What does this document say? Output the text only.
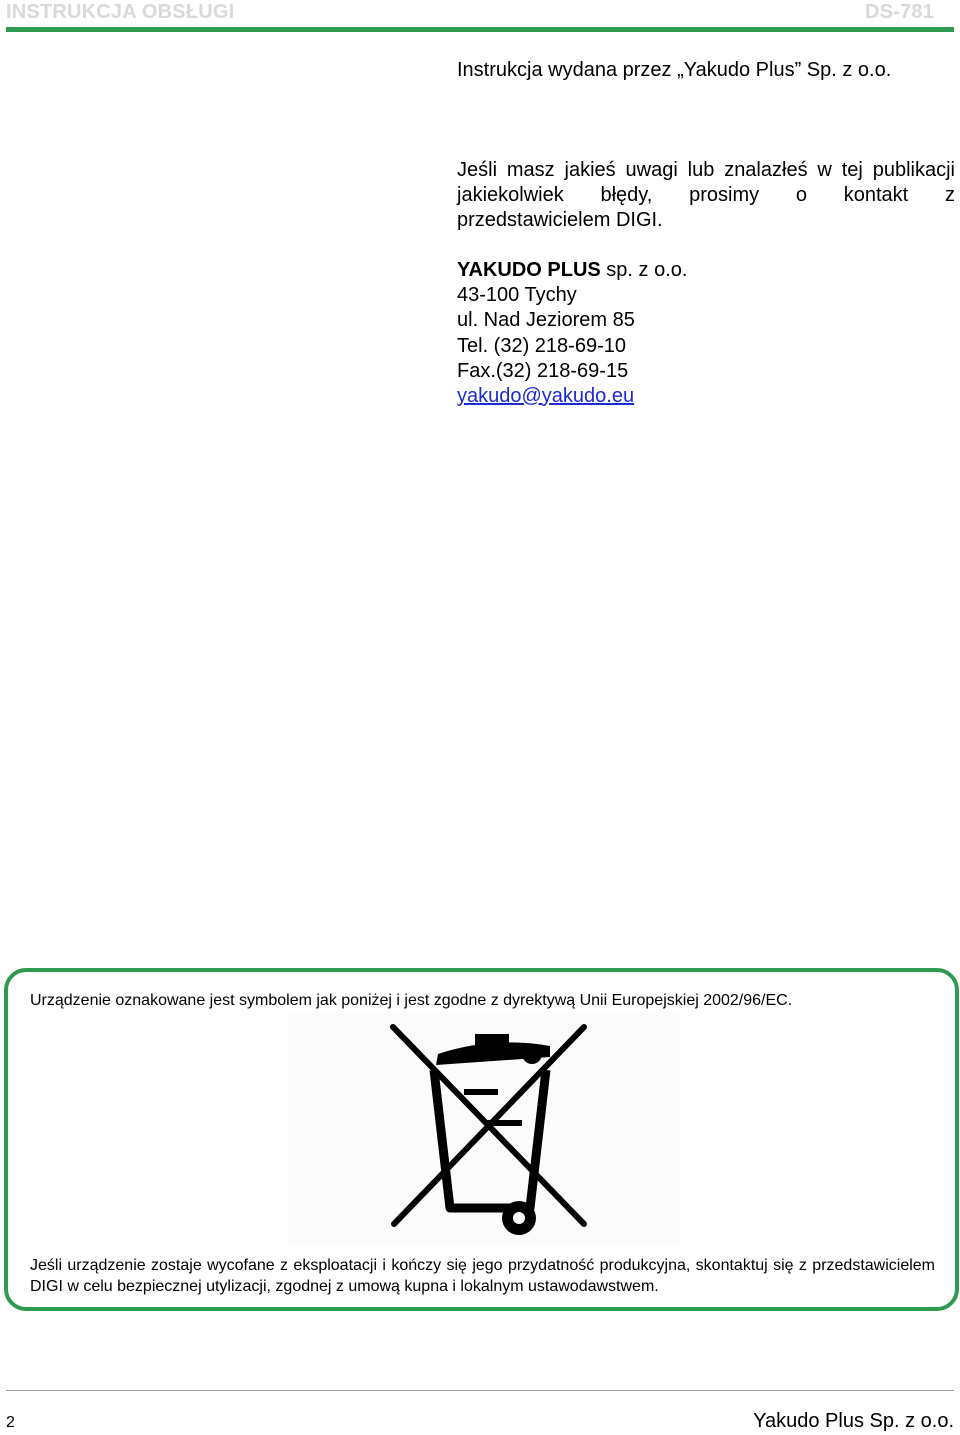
INSTRUKCJA OBSŁUGI	DS-781
Instrukcja wydana przez „Yakudo Plus” Sp. z o.o.
Jeśli masz jakieś uwagi lub znalazłeś w tej publikacji jakiekolwiek błędy, prosimy o kontakt z przedstawicielem DIGI.
YAKUDO PLUS sp. z o.o.
43-100 Tychy
ul. Nad Jeziorem 85
Tel. (32) 218-69-10
Fax.(32) 218-69-15
yakudo@yakudo.eu
Urządzenie oznakowane jest symbolem jak poniżej i jest zgodne z dyrektywą Unii Europejskiej 2002/96/EC.
Jeśli urządzenie zostaje wycofane z eksploatacji i kończy się jego przydatność produkcyjna, skontaktuj się z przedstawicielem DIGI w celu bezpiecznej utylizacji, zgodnej z umową kupna i lokalnym ustawodawstwem.
2	Yakudo Plus Sp. z o.o.
